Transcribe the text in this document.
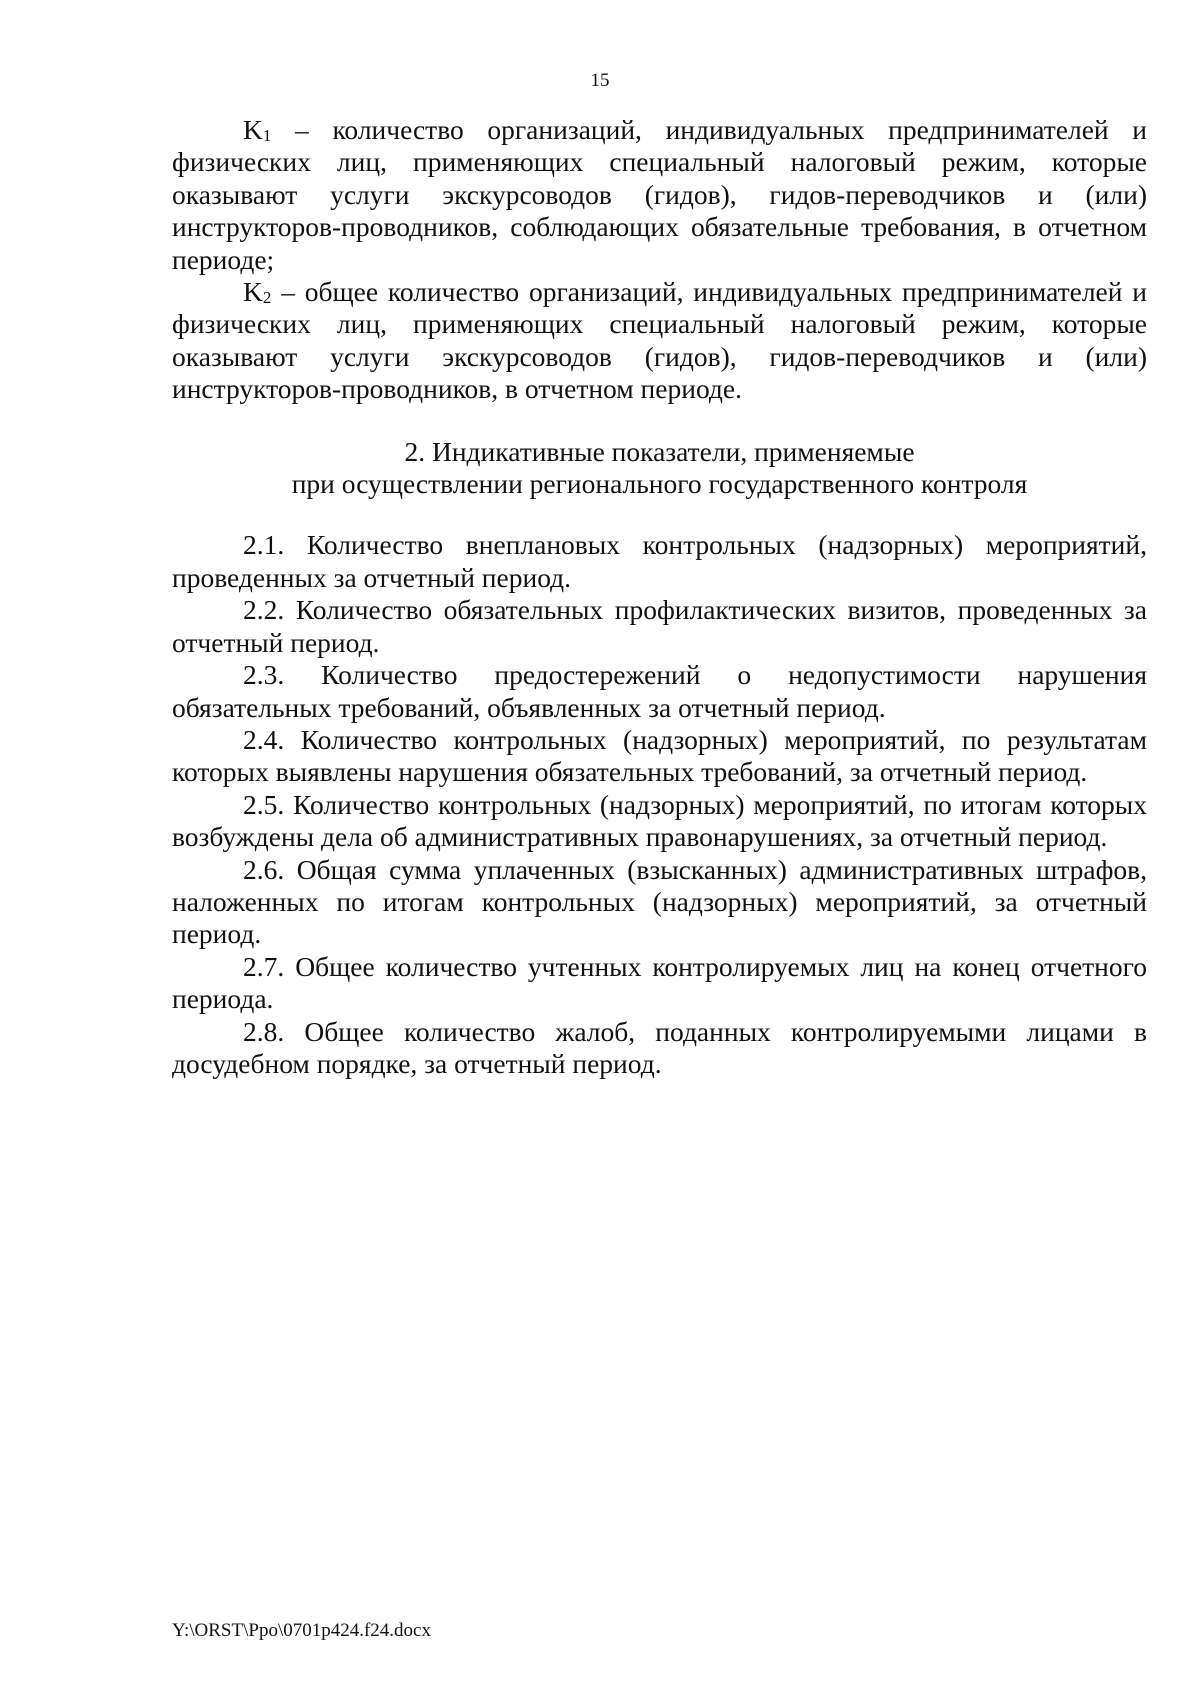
15

$K_1$ – количество организаций, индивидуальных предпринимателей и физических лиц, применяющих специальный налоговый режим, которые оказывают услуги экскурсоводов (гидов), гидов-переводчиков и (или) инструкторов-проводников, соблюдающих обязательные требования, в отчетном периоде;

$K_2$ – общее количество организаций, индивидуальных предпринимателей и физических лиц, применяющих специальный налоговый режим, которые оказывают услуги экскурсоводов (гидов), гидов-переводчиков и (или) инструкторов-проводников, в отчетном периоде.

2. Индикативные показатели, применяемые
при осуществлении регионального государственного контроля

2.1. Количество внеплановых контрольных (надзорных) мероприятий, проведенных за отчетный период.

2.2. Количество обязательных профилактических визитов, проведенных за отчетный период.

2.3. Количество предостережений о недопустимости нарушения обязательных требований, объявленных за отчетный период.

2.4. Количество контрольных (надзорных) мероприятий, по результатам которых выявлены нарушения обязательных требований, за отчетный период.

2.5. Количество контрольных (надзорных) мероприятий, по итогам которых возбуждены дела об административных правонарушениях, за отчетный период.

2.6. Общая сумма уплаченных (взысканных) административных штрафов, наложенных по итогам контрольных (надзорных) мероприятий, за отчетный период.

2.7. Общее количество учтенных контролируемых лиц на конец отчетного периода.

2.8. Общее количество жалоб, поданных контролируемыми лицами в досудебном порядке, за отчетный период.

Y:\ORST\Ppo\0701p424.f24.docx
